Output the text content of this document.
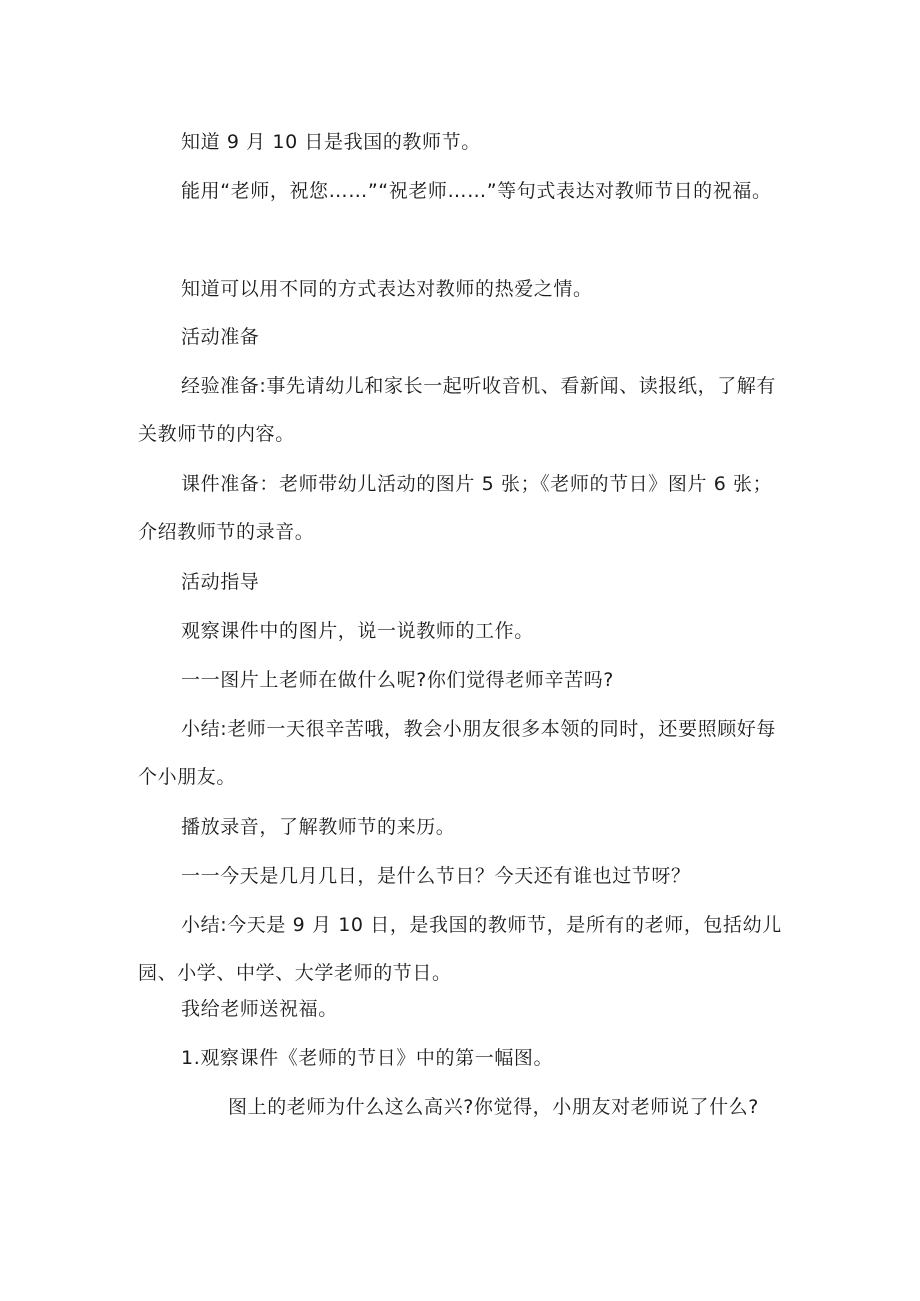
知道 9 月 10 日是我国的教师节。

能用“老师，祝您……”“祝老师……”等句式表达对教师节日的祝福。

知道可以用不同的方式表达对教师的热爱之情。

活动准备

经验准备:事先请幼儿和家长一起听收音机、看新闻、读报纸，了解有关教师节的内容。

课件准备：老师带幼儿活动的图片 5 张；《老师的节日》图片 6 张；介绍教师节的录音。

活动指导

观察课件中的图片，说一说教师的工作。

一一图片上老师在做什么呢?你们觉得老师辛苦吗?

小结:老师一天很辛苦哦，教会小朋友很多本领的同时，还要照顾好每个小朋友。

播放录音，了解教师节的来历。

一一今天是几月几日，是什么节日？今天还有谁也过节呀？

小结:今天是 9 月 10 日，是我国的教师节，是所有的老师，包括幼儿园、小学、中学、大学老师的节日。

我给老师送祝福。

1.观察课件《老师的节日》中的第一幅图。

图上的老师为什么这么高兴?你觉得，小朋友对老师说了什么?
